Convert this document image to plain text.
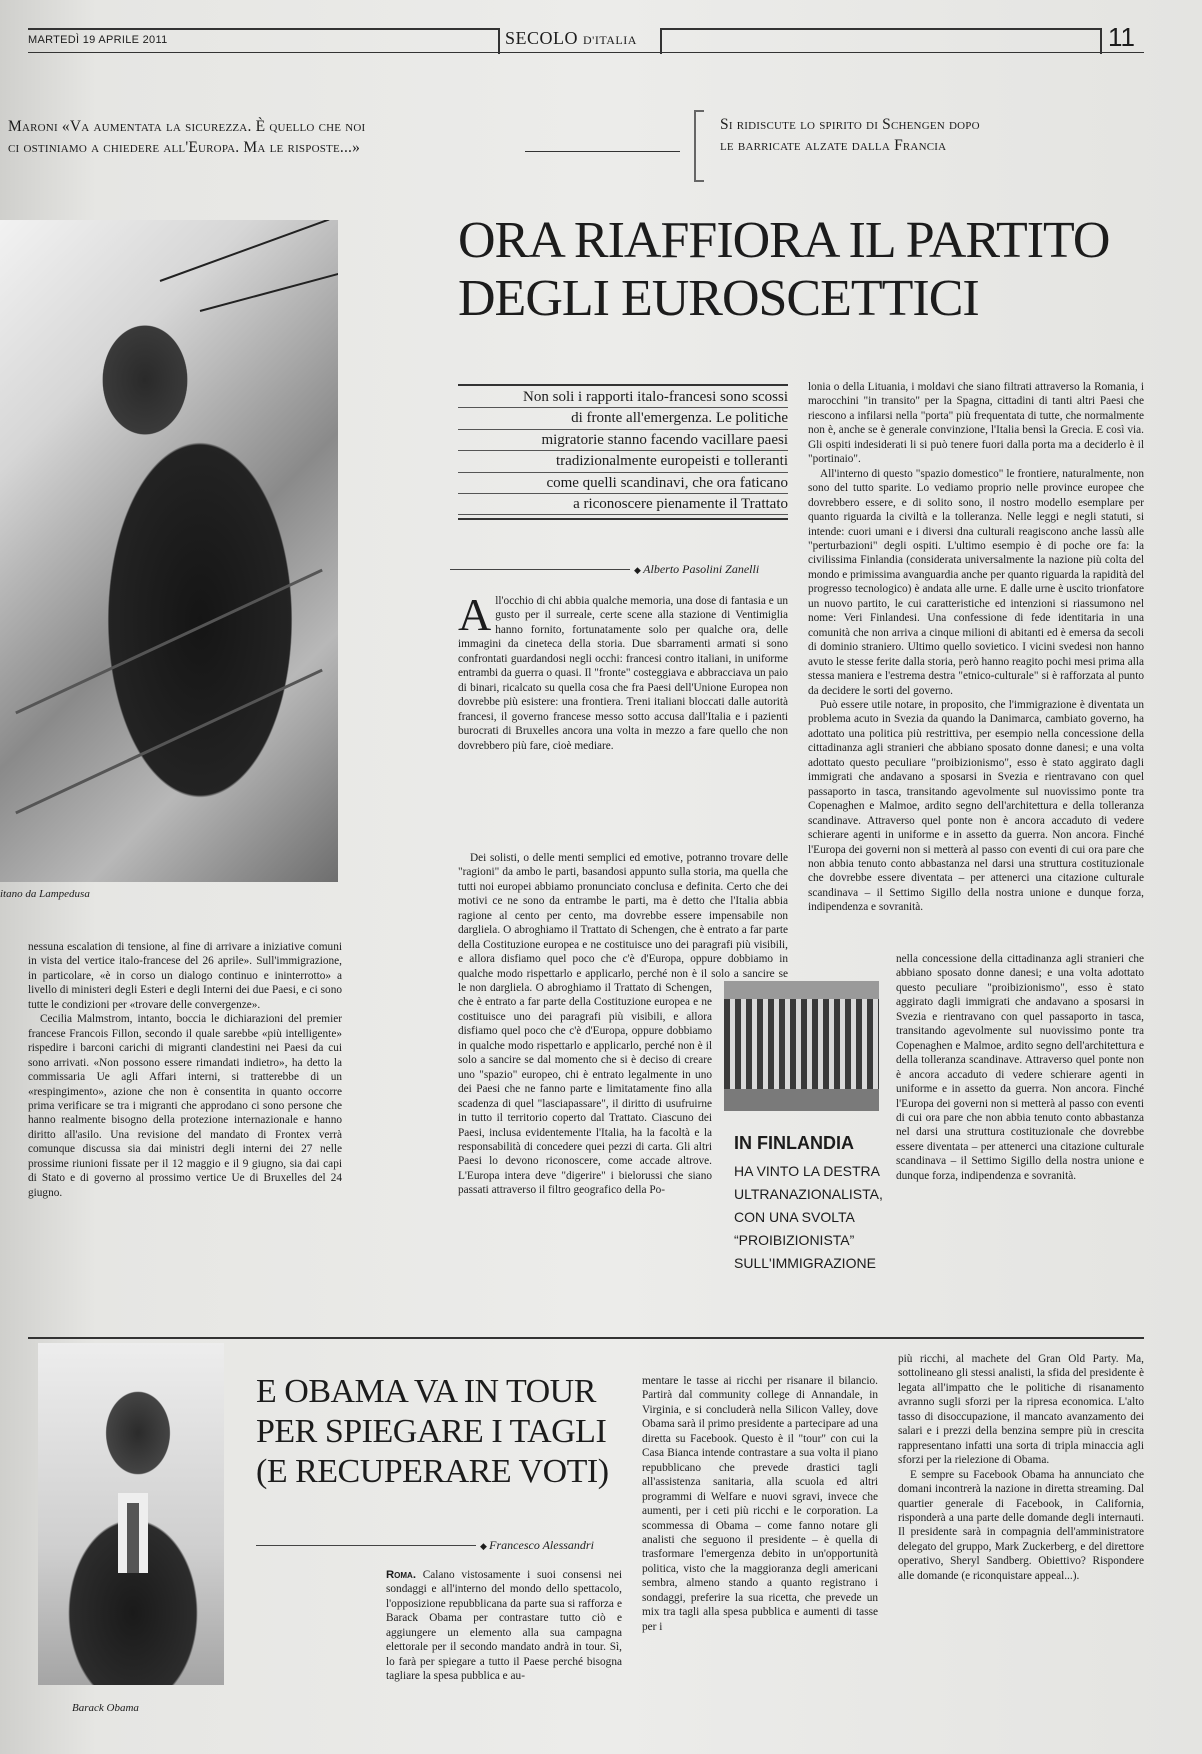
MARTEDÌ 19 APRILE 2011	SECOLO D'ITALIA	11
Maroni «Va aumentata la sicurezza. È quello che noi
ci ostiniamo a chiedere all'Europa. Ma le risposte...»
Si ridiscute lo spirito di Schengen dopo
le barricate alzate dalla Francia
itano da Lampedusa
ORA RIAFFIORA IL PARTITO
DEGLI EUROSCETTICI
Non soli i rapporti italo-francesi sono scossi
di fronte all'emergenza. Le politiche
migratorie stanno facendo vacillare paesi
tradizionalmente europeisti e tolleranti
come quelli scandinavi, che ora faticano
a riconoscere pienamente il Trattato
◆ Alberto Pasolini Zanelli

nessuna escalation di tensione, al fine di arrivare a iniziative comuni in vista del vertice italo-francese del 26 aprile». Sull'immigrazione, in particolare, «è in corso un dialogo continuo e ininterrotto» a livello di ministeri degli Esteri e degli Interni dei due Paesi, e ci sono tutte le condizioni per «trovare delle convergenze».

Cecilia Malmstrom, intanto, boccia le dichiarazioni del premier francese Francois Fillon, secondo il quale sarebbe «più intelligente» rispedire i barconi carichi di migranti clandestini nei Paesi da cui sono arrivati. «Non possono essere rimandati indietro», ha detto la commissaria Ue agli Affari interni, si tratterebbe di un «respingimento», azione che non è consentita in quanto occorre prima verificare se tra i migranti che approdano ci sono persone che hanno realmente bisogno della protezione internazionale e hanno diritto all'asilo. Una revisione del mandato di Frontex verrà comunque discussa sia dai ministri degli interni dei 27 nelle prossime riunioni fissate per il 12 maggio e il 9 giugno, sia dai capi di Stato e di governo al prossimo vertice Ue di Bruxelles del 24 giugno.

A ll'occhio di chi abbia qualche memoria, una dose di fantasia e un gusto per il surreale, certe scene alla stazione di Ventimiglia hanno fornito, fortunatamente solo per qualche ora, delle immagini da cineteca della storia. Due sbarramenti armati si sono confrontati guardandosi negli occhi: francesi contro italiani, in uniforme entrambi da guerra o quasi. Il "fronte" costeggiava e abbracciava un paio di binari, ricalcato su quella cosa che fra Paesi dell'Unione Europea non dovrebbe più esistere: una frontiera. Treni italiani bloccati dalle autorità francesi, il governo francese messo sotto accusa dall'Italia e i pazienti burocrati di Bruxelles ancora una volta in mezzo a fare quello che non dovrebbero più fare, cioè mediare.

Dei solisti, o delle menti semplici ed emotive, potranno trovare delle "ragioni" da ambo le parti, basandosi appunto sulla storia, ma quella che tutti noi europei abbiamo pronunciato conclusa e definita. Certo che dei motivi ce ne sono da entrambe le parti, ma è detto che l'Italia abbia ragione al cento per cento, ma dovrebbe essere impensabile non dargliela. O abroghiamo il Trattato di Schengen, che è entrato a far parte della Costituzione europea e ne costituisce uno dei paragrafi più visibili, e allora disfiamo quel poco che c'è d'Europa, oppure dobbiamo in qualche modo rispettarlo e applicarlo, perché non è il solo a sancire se

le non dargliela. O abroghiamo il Trattato di Schengen, che è entrato a far parte della Costituzione europea e ne costituisce uno dei paragrafi più visibili, e allora disfiamo quel poco che c'è d'Europa, oppure dobbiamo in qualche modo rispettarlo e applicarlo, perché non è il solo a sancire se dal momento che si è deciso di creare uno "spazio" europeo, chi è entrato legalmente in uno dei Paesi che ne fanno parte e limitatamente fino alla scadenza di quel "lasciapassare", il diritto di usufruirne in tutto il territorio coperto dal Trattato. Ciascuno dei Paesi, inclusa evidentemente l'Italia, ha la facoltà e la responsabilità di concedere quei pezzi di carta. Gli altri Paesi lo devono riconoscere, come accade altrove. L'Europa intera deve "digerire" i bielorussi che siano passati attraverso il filtro geografico della Po-

lonia o della Lituania, i moldavi che siano filtrati attraverso la Romania, i marocchini "in transito" per la Spagna, cittadini di tanti altri Paesi che riescono a infilarsi nella "porta" più frequentata di tutte, che normalmente non è, anche se è generale convinzione, l'Italia bensì la Grecia. E così via. Gli ospiti indesiderati li si può tenere fuori dalla porta ma a deciderlo è il "portinaio".

All'interno di questo "spazio domestico" le frontiere, naturalmente, non sono del tutto sparite. Lo vediamo proprio nelle province europee che dovrebbero essere, e di solito sono, il nostro modello esemplare per quanto riguarda la civiltà e la tolleranza. Nelle leggi e negli statuti, si intende: cuori umani e i diversi dna culturali reagiscono anche lassù alle "perturbazioni" degli ospiti. L'ultimo esempio è di poche ore fa: la civilissima Finlandia (considerata universalmente la nazione più colta del mondo e primissima avanguardia anche per quanto riguarda la rapidità del progresso tecnologico) è andata alle urne. E dalle urne è uscito trionfatore un nuovo partito, le cui caratteristiche ed intenzioni si riassumono nel nome: Veri Finlandesi. Una confessione di fede identitaria in una comunità che non arriva a cinque milioni di abitanti ed è emersa da secoli di dominio straniero. Ultimo quello sovietico. I vicini svedesi non hanno avuto le stesse ferite dalla storia, però hanno reagito pochi mesi prima alla stessa maniera e l'estrema destra "etnico-culturale" si è rafforzata al punto da decidere le sorti del governo.

Può essere utile notare, in proposito, che l'immigrazione è diventata un problema acuto in Svezia da quando la Danimarca, cambiato governo, ha adottato una politica più restrittiva, per esempio nella concessione della cittadinanza agli stranieri che abbiano sposato donne danesi; e una volta adottato questo peculiare "proibizionismo", esso è stato aggirato dagli immigrati che andavano a sposarsi in Svezia e rientravano con quel passaporto in tasca, transitando agevolmente sul nuovissimo ponte tra Copenaghen e Malmoe, ardito segno dell'architettura e della tolleranza scandinave. Attraverso quel ponte non è ancora accaduto di vedere schierare agenti in uniforme e in assetto da guerra. Non ancora. Finché l'Europa dei governi non si metterà al passo con eventi di cui ora pare che non abbia tenuto conto abbastanza nel darsi una struttura costituzionale che dovrebbe essere diventata – per attenerci una citazione culturale scandinava – il Settimo Sigillo della nostra unione e dunque forza, indipendenza e sovranità.

nella concessione della cittadinanza agli stranieri che abbiano sposato donne danesi; e una volta adottato questo peculiare "proibizionismo", esso è stato aggirato dagli immigrati che andavano a sposarsi in Svezia e rientravano con quel passaporto in tasca, transitando agevolmente sul nuovissimo ponte tra Copenaghen e Malmoe, ardito segno dell'architettura e della tolleranza scandinave. Attraverso quel ponte non è ancora accaduto di vedere schierare agenti in uniforme e in assetto da guerra. Non ancora. Finché l'Europa dei governi non si metterà al passo con eventi di cui ora pare che non abbia tenuto conto abbastanza nel darsi una struttura costituzionale che dovrebbe essere diventata – per attenerci una citazione culturale scandinava – il Settimo Sigillo della nostra unione e dunque forza, indipendenza e sovranità.

IN FINLANDIA
HA VINTO LA DESTRA
ULTRANAZIONALISTA,
CON UNA SVOLTA
“PROIBIZIONISTA”
SULL'IMMIGRAZIONE
Barack Obama
E OBAMA VA IN TOUR
PER SPIEGARE I TAGLI
(E RECUPERARE VOTI)
◆ Francesco Alessandri

Roma. Calano vistosamente i suoi consensi nei sondaggi e all'interno del mondo dello spettacolo, l'opposizione repubblicana da parte sua si rafforza e Barack Obama per contrastare tutto ciò e aggiungere un elemento alla sua campagna elettorale per il secondo mandato andrà in tour. Sì, lo farà per spiegare a tutto il Paese perché bisogna tagliare la spesa pubblica e au-

mentare le tasse ai ricchi per risanare il bilancio. Partirà dal community college di Annandale, in Virginia, e si concluderà nella Silicon Valley, dove Obama sarà il primo presidente a partecipare ad una diretta su Facebook. Questo è il "tour" con cui la Casa Bianca intende contrastare a sua volta il piano repubblicano che prevede drastici tagli all'assistenza sanitaria, alla scuola ed altri programmi di Welfare e nuovi sgravi, invece che aumenti, per i ceti più ricchi e le corporation. La scommessa di Obama – come fanno notare gli analisti che seguono il presidente – è quella di trasformare l'emergenza debito in un'opportunità politica, visto che la maggioranza degli americani sembra, almeno stando a quanto registrano i sondaggi, preferire la sua ricetta, che prevede un mix tra tagli alla spesa pubblica e aumenti di tasse per i

più ricchi, al machete del Gran Old Party. Ma, sottolineano gli stessi analisti, la sfida del presidente è legata all'impatto che le politiche di risanamento avranno sugli sforzi per la ripresa economica. L'alto tasso di disoccupazione, il mancato avanzamento dei salari e i prezzi della benzina sempre più in crescita rappresentano infatti una sorta di tripla minaccia agli sforzi per la rielezione di Obama.

E sempre su Facebook Obama ha annunciato che domani incontrerà la nazione in diretta streaming. Dal quartier generale di Facebook, in California, risponderà a una parte delle domande degli internauti. Il presidente sarà in compagnia dell'amministratore delegato del gruppo, Mark Zuckerberg, e del direttore operativo, Sheryl Sandberg. Obiettivo? Rispondere alle domande (e riconquistare appeal...).
